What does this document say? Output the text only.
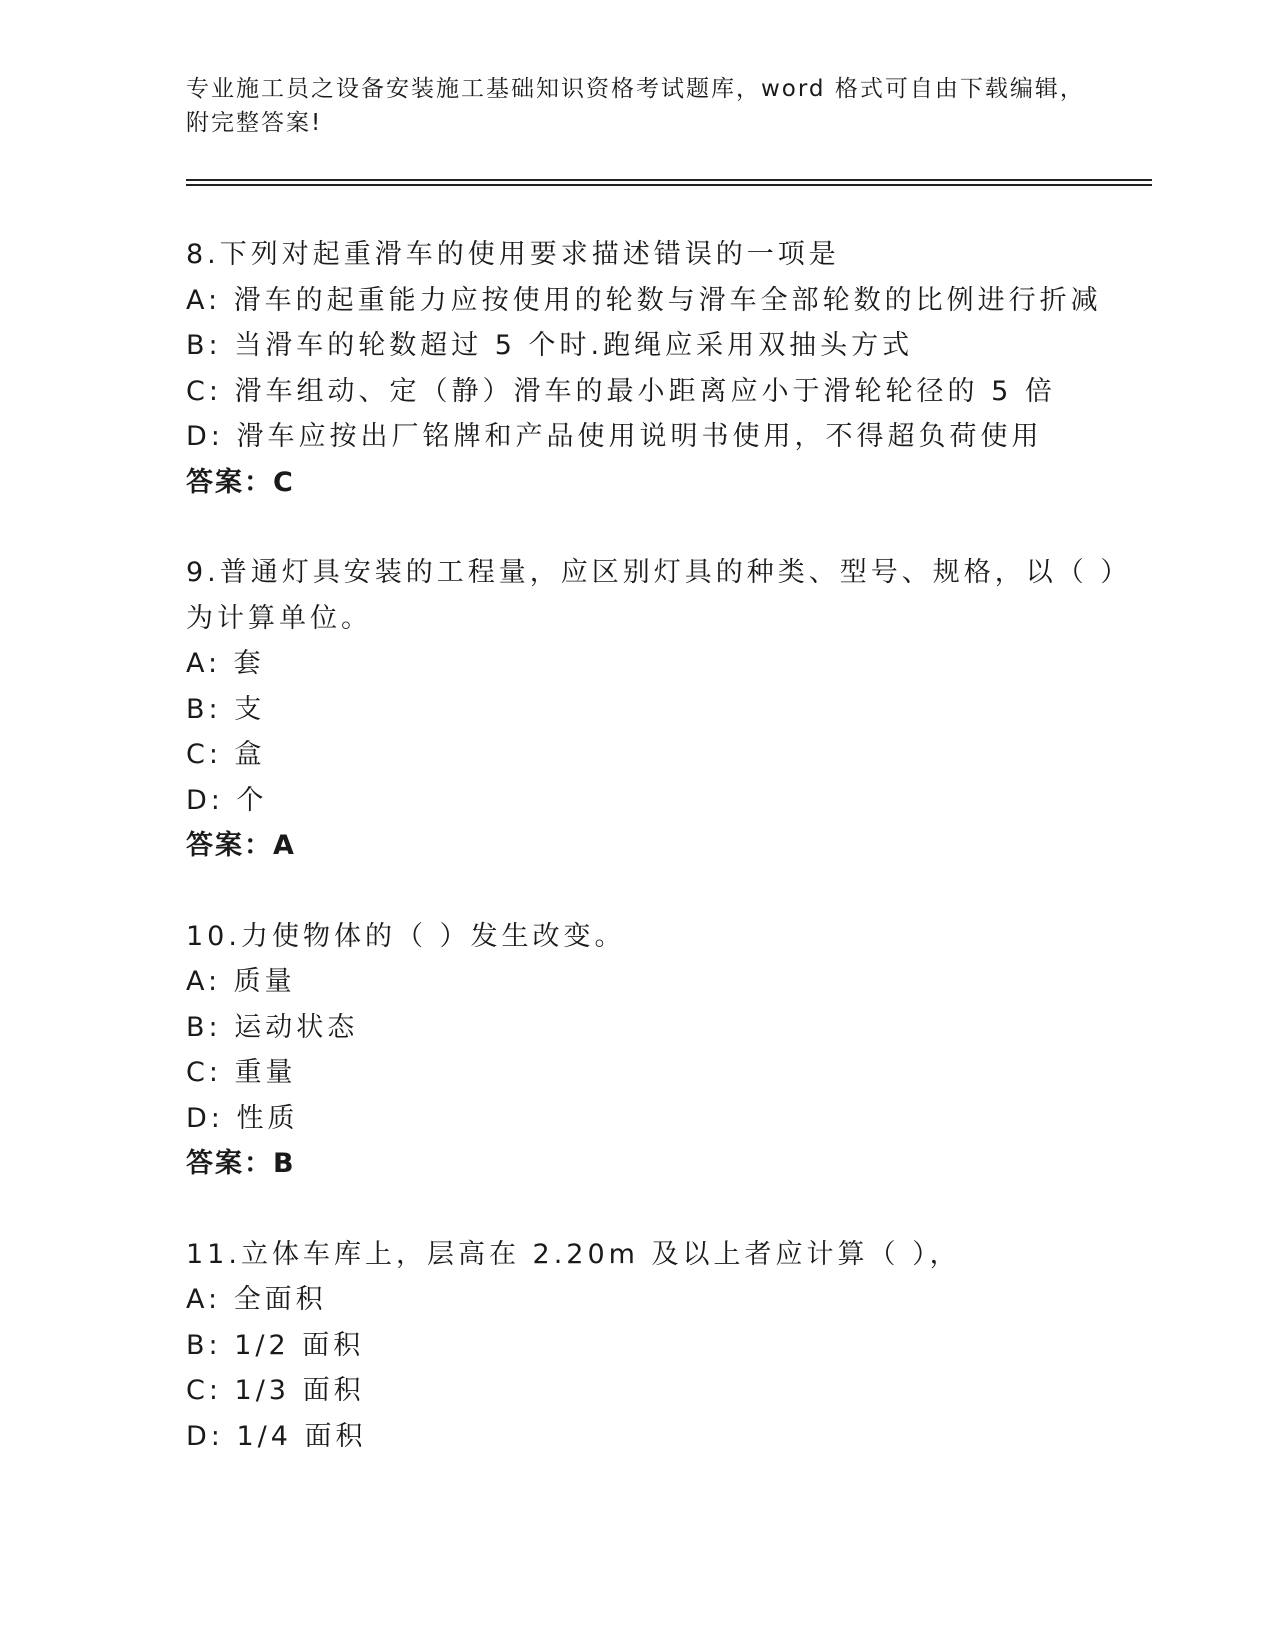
专业施工员之设备安装施工基础知识资格考试题库，word 格式可自由下载编辑，
附完整答案!
8.下列对起重滑车的使用要求描述错误的一项是
A: 滑车的起重能力应按使用的轮数与滑车全部轮数的比例进行折减
B: 当滑车的轮数超过 5 个时.跑绳应采用双抽头方式
C: 滑车组动、定（静）滑车的最小距离应小于滑轮轮径的 5 倍
D: 滑车应按出厂铭牌和产品使用说明书使用，不得超负荷使用
答案：C
9.普通灯具安装的工程量，应区别灯具的种类、型号、规格，以（ ）
为计算单位。
A: 套
B: 支
C: 盒
D: 个
答案：A
10.力使物体的（ ）发生改变。
A: 质量
B: 运动状态
C: 重量
D: 性质
答案：B
11.立体车库上，层高在 2.20m 及以上者应计算（ ），
A: 全面积
B: 1/2 面积
C: 1/3 面积
D: 1/4 面积
